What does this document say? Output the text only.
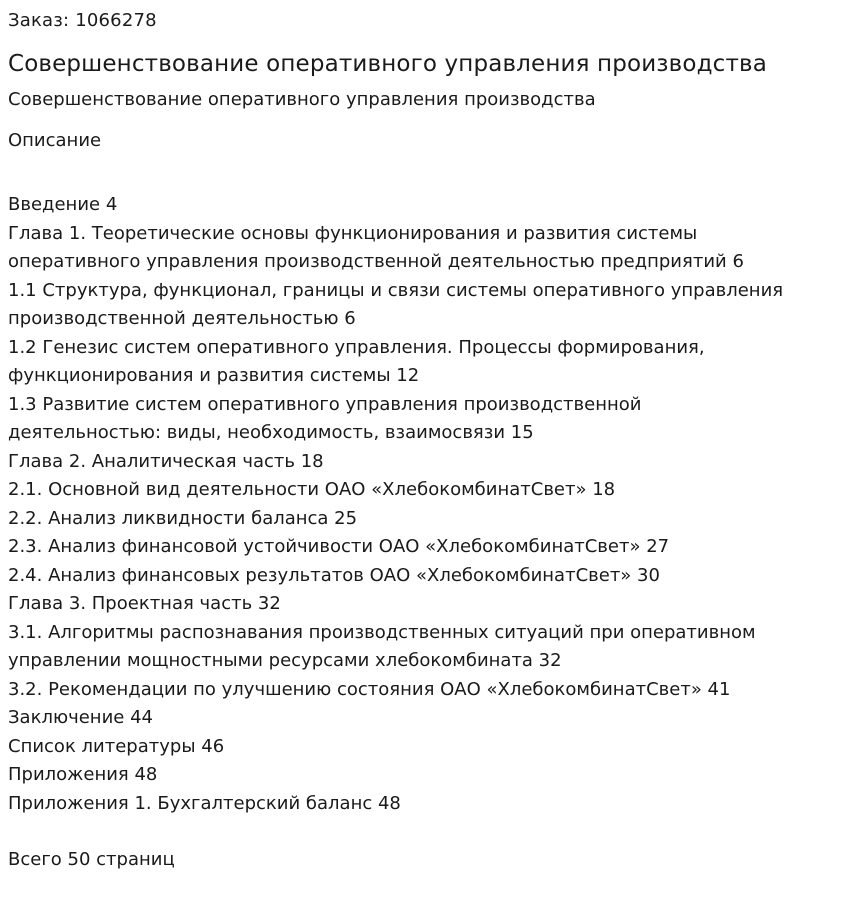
Заказ: 1066278
Совершенствование оперативного управления производства
Совершенствование оперативного управления производства
Описание
Введение 4
Глава 1. Теоретические основы функционирования и развития системы
оперативного управления производственной деятельностью предприятий 6
1.1 Структура, функционал, границы и связи системы оперативного управления
производственной деятельностью 6
1.2 Генезис систем оперативного управления. Процессы формирования,
функционирования и развития системы 12
1.3 Развитие систем оперативного управления производственной
деятельностью: виды, необходимость, взаимосвязи 15
Глава 2. Аналитическая часть 18
2.1. Основной вид деятельности ОАО «ХлебокомбинатСвет» 18
2.2. Анализ ликвидности баланса 25
2.3. Анализ финансовой устойчивости ОАО «ХлебокомбинатСвет» 27
2.4. Анализ финансовых результатов ОАО «ХлебокомбинатСвет» 30
Глава 3. Проектная часть 32
3.1. Алгоритмы распознавания производственных ситуаций при оперативном
управлении мощностными ресурсами хлебокомбината 32
3.2. Рекомендации по улучшению состояния ОАО «ХлебокомбинатСвет» 41
Заключение 44
Список литературы 46
Приложения 48
Приложения 1. Бухгалтерский баланс 48
Всего 50 страниц
